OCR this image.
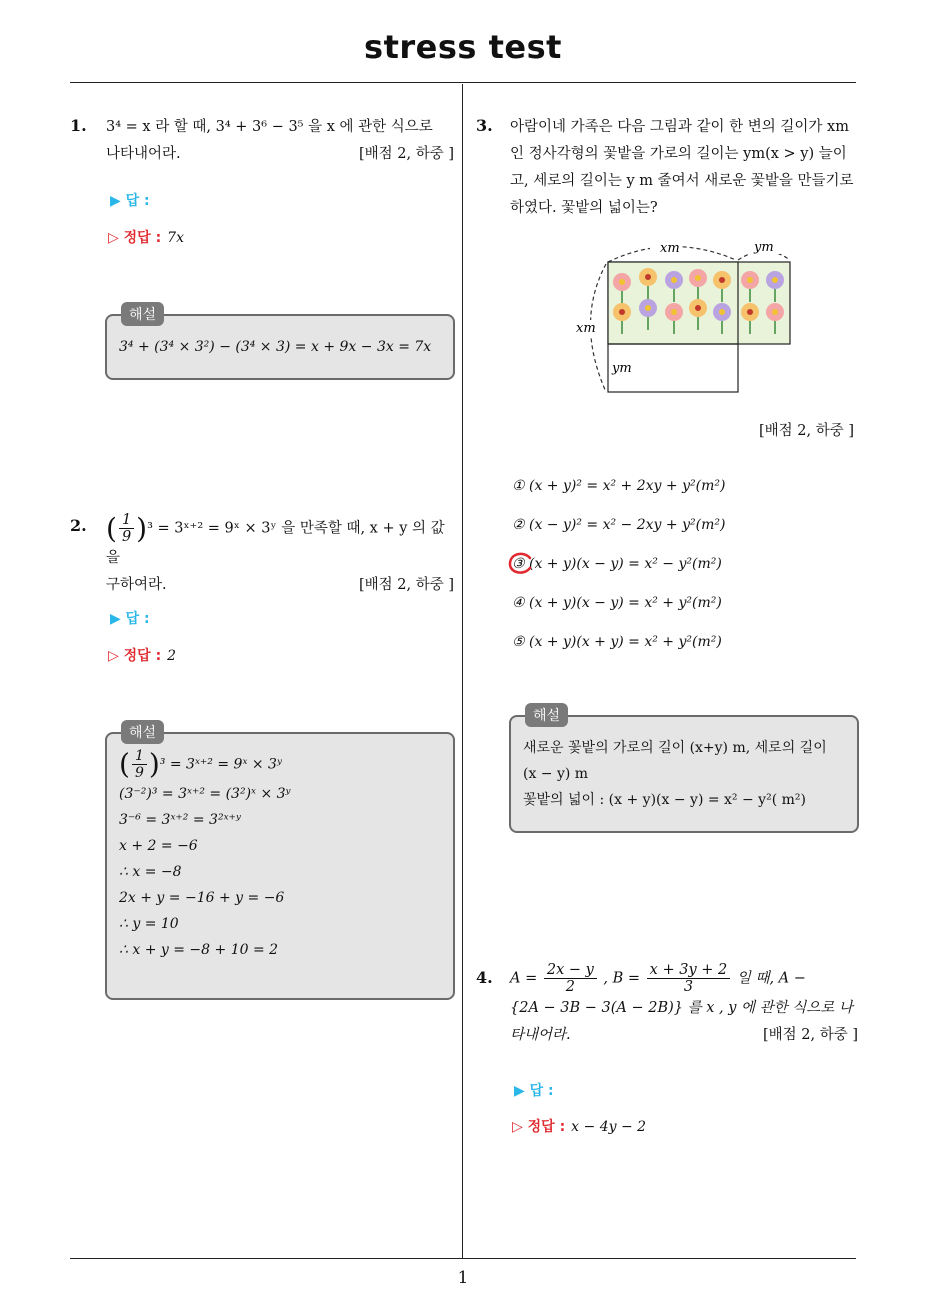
stress test
1
1. 3⁴ = x 라 할 때, 3⁴ + 3⁶ − 3⁵ 을 x 에 관한 식으로
나타내어라.	[배점 2, 하중 ]
▶ 답 :
▷ 정답 : 7x
해설
3⁴ + (3⁴ × 3²) − (3⁴ × 3) = x + 9x − 3x = 7x
2. ( $\frac{1}{9} )^3$ = 3ˣ⁺² = 9ˣ × 3ʸ 을 만족할 때, x + y 의 값을
구하여라.	[배점 2, 하중 ]
▶ 답 :
▷ 정답 : 2
해설
( $\frac{1}{9} )^3$ = 3ˣ⁺² = 9ˣ × 3ʸ
(3⁻²)³ = 3ˣ⁺² = (3²)ˣ × 3ʸ
3⁻⁶ = 3ˣ⁺² = 3²ˣ⁺ʸ
x + 2 = −6
∴ x = −8
2x + y = −16 + y = −6
∴ y = 10
∴ x + y = −8 + 10 = 2
3. 아람이네 가족은 다음 그림과 같이 한 변의 길이가 xm
인 정사각형의 꽃밭을 가로의 길이는 ym(x > y) 늘이
고, 세로의 길이는 y m 줄여서 새로운 꽃밭을 만들기로
하였다. 꽃밭의 넓이는?
xm	ym
xm
ym
[배점 2, 하중 ]
① (x + y)² = x² + 2xy + y²(m²)
② (x − y)² = x² − 2xy + y²(m²)
③ (x + y)(x − y) = x² − y²(m²)
④ (x + y)(x − y) = x² + y²(m²)
⑤ (x + y)(x + y) = x² + y²(m²)
해설
새로운 꽃밭의 가로의 길이 (x+y) m, 세로의 길이
(x − y) m
꽃밭의 넓이 : (x + y)(x − y) = x² − y²( m²)
4. $A = \frac{2x - y}{2}$ , $B = \frac{x + 3y + 2}{3}$ 일 때, A −
{2A − 3B − 3(A − 2B)} 를 x , y 에 관한 식으로 나
타내어라.	[배점 2, 하중 ]
▶ 답 :
▷ 정답 : x − 4y − 2
